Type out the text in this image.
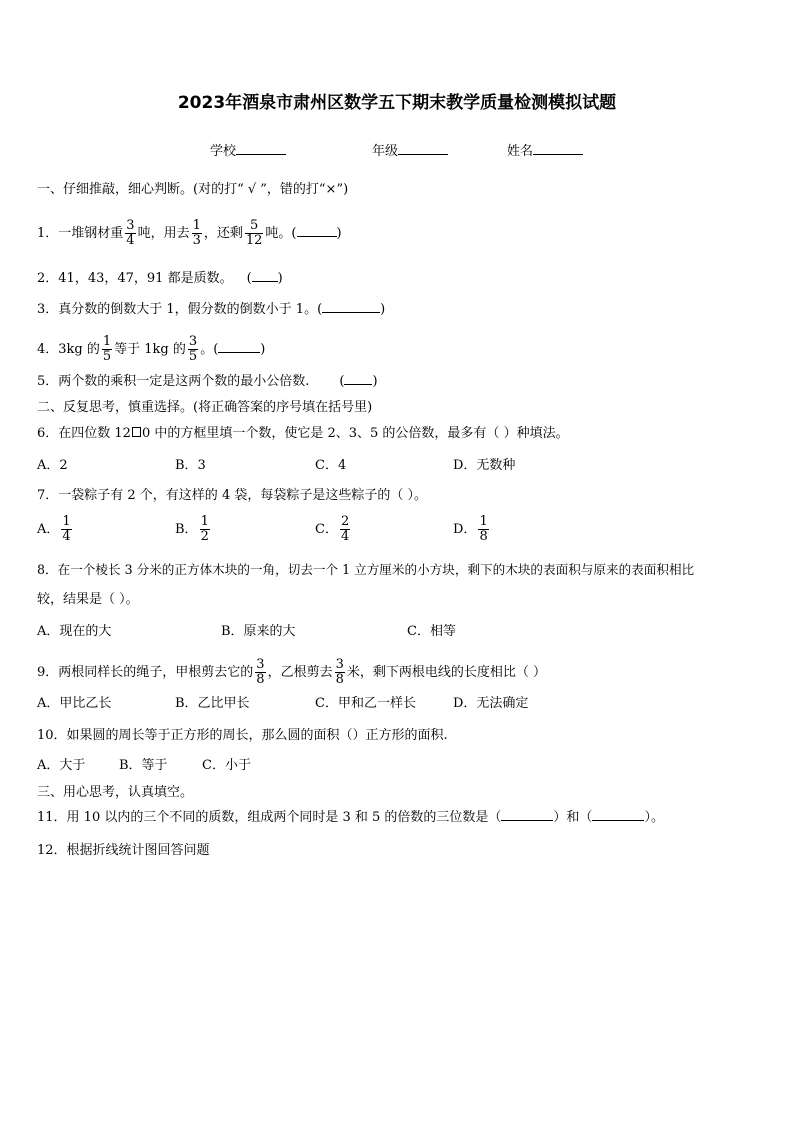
2023年酒泉市肃州区数学五下期末教学质量检测模拟试题
学校	年级	姓名
一、仔细推敲，细心判断。(对的打“ √ ”，错的打“×”)
1．一堆钢材重 $\frac{3}{4}$ 吨，用去 $\frac{1}{3}$ ，还剩 $\frac{5}{12}$ 吨。(	)
2．41，43，47，91 都是质数。 ( )
3．真分数的倒数大于 1，假分数的倒数小于 1。(	)
4．3kg 的 $\frac{1}{5}$ 等于 1kg 的 $\frac{3}{5}$ 。(	)
5．两个数的乘积一定是这两个数的最小公倍数. ( )
二、反复思考，慎重选择。(将正确答案的序号填在括号里)
6．在四位数 12 0 中的方框里填一个数，使它是 2、3、5 的公倍数，最多有（ ）种填法。
A．2	B．3	C．4	D．无数种
7．一袋粽子有 2 个，有这样的 4 袋，每袋粽子是这些粽子的（ ）。
A． $\frac{1}{4}$	B． $\frac{1}{2}$	C． $\frac{2}{4}$	D． $\frac{1}{8}$
8．在一个棱长 3 分米的正方体木块的一角，切去一个 1 立方厘米的小方块，剩下的木块的表面积与原来的表面积相比
较，结果是（ ）。
A．现在的大	B．原来的大	C．相等
9．两根同样长的绳子，甲根剪去它的 $\frac{3}{8}$ ，乙根剪去 $\frac{3}{8}$ 米，剩下两根电线的长度相比（ ）
A．甲比乙长	B．乙比甲长	C．甲和乙一样长	D．无法确定
10．如果圆的周长等于正方形的周长，那么圆的面积（）正方形的面积.
A．大于	B．等于	C．小于
三、用心思考，认真填空。
11．用 10 以内的三个不同的质数，组成两个同时是 3 和 5 的倍数的三位数是（	）和（	）。
12．根据折线统计图回答问题
